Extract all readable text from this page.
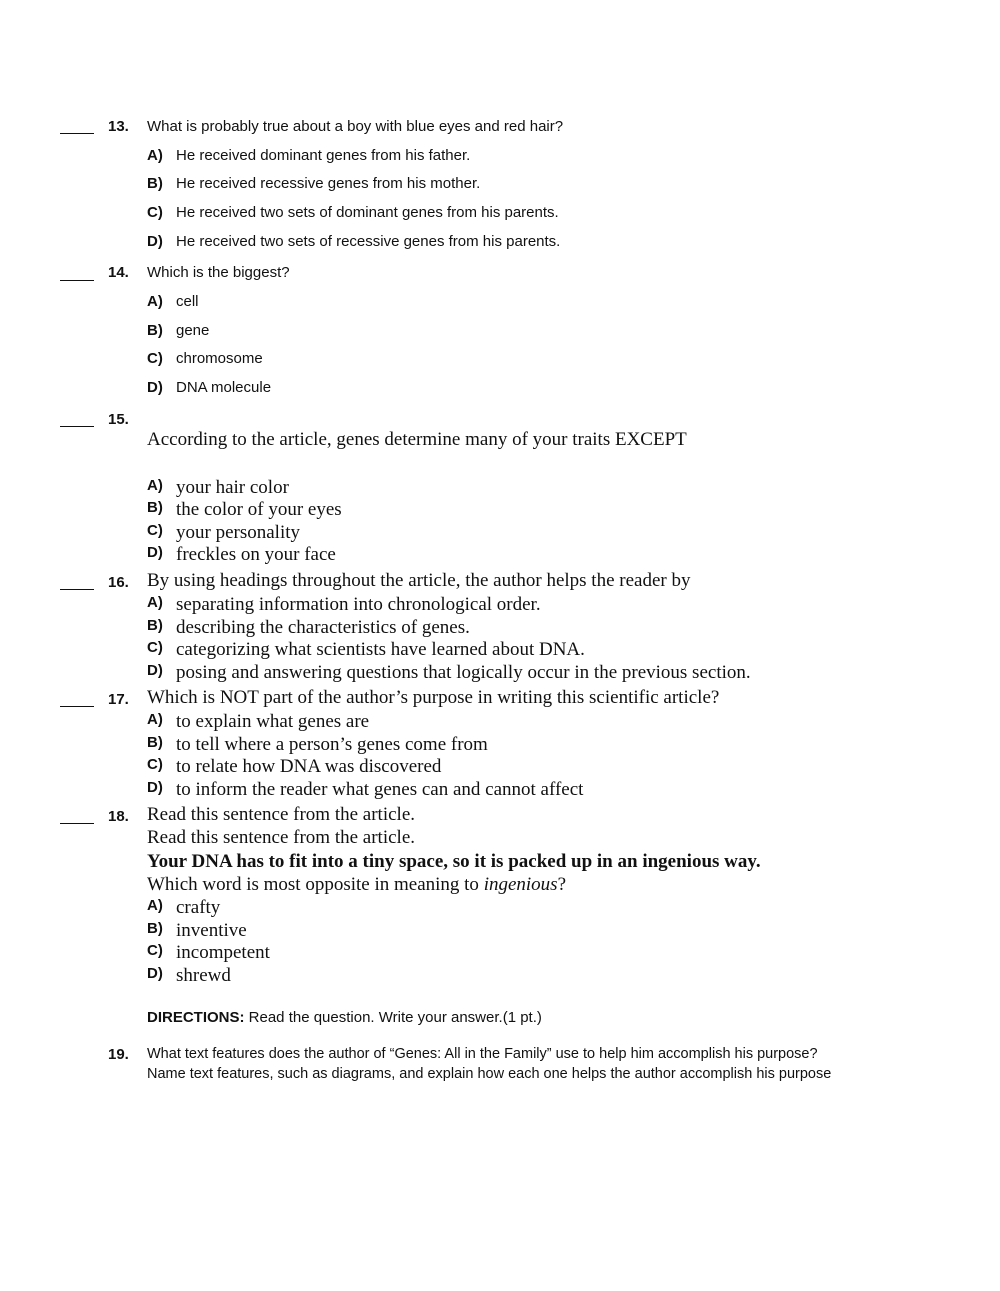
13. What is probably true about a boy with blue eyes and red hair?
A) He received dominant genes from his father.
B) He received recessive genes from his mother.
C) He received two sets of dominant genes from his parents.
D) He received two sets of recessive genes from his parents.
14. Which is the biggest?
A) cell
B) gene
C) chromosome
D) DNA molecule
15.
According to the article, genes determine many of your traits EXCEPT
A) your hair color
B) the color of your eyes
C) your personality
D) freckles on your face
16. By using headings throughout the article, the author helps the reader by
A) separating information into chronological order.
B) describing the characteristics of genes.
C) categorizing what scientists have learned about DNA.
D) posing and answering questions that logically occur in the previous section.
17. Which is NOT part of the author’s purpose in writing this scientific article?
A) to explain what genes are
B) to tell where a person’s genes come from
C) to relate how DNA was discovered
D) to inform the reader what genes can and cannot affect
18. Read this sentence from the article.
Read this sentence from the article.
Your DNA has to fit into a tiny space, so it is packed up in an ingenious way.
Which word is most opposite in meaning to ingenious?
A) crafty
B) inventive
C) incompetent
D) shrewd
DIRECTIONS: Read the question. Write your answer.(1 pt.)
19. What text features does the author of “Genes: All in the Family” use to help him accomplish his purpose?
Name text features, such as diagrams, and explain how each one helps the author accomplish his purpose
